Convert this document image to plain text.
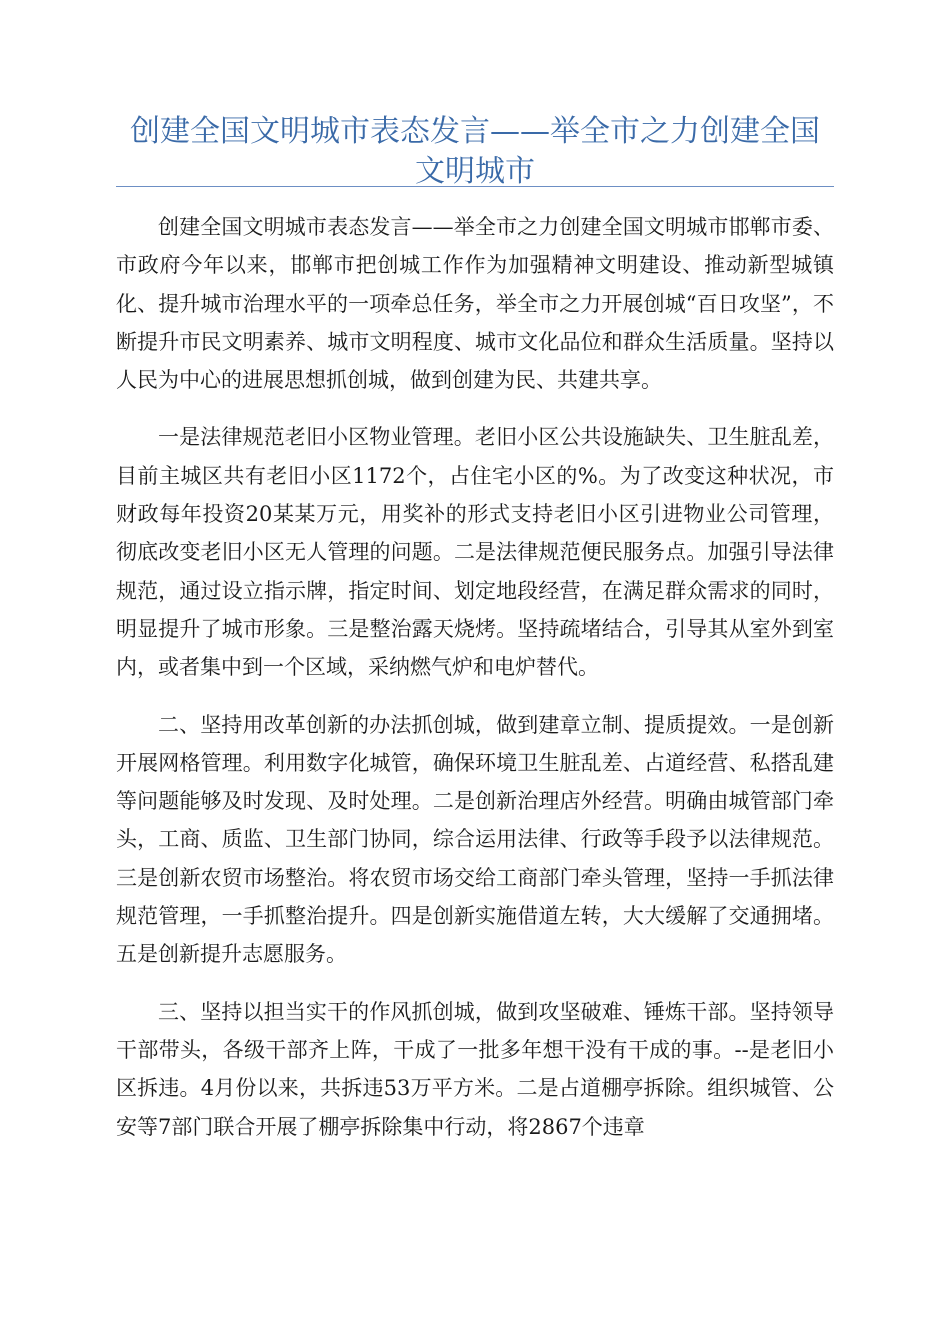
创建全国文明城市表态发言——举全市之力创建全国文明城市

创建全国文明城市表态发言——举全市之力创建全国文明城市邯郸市委、市政府今年以来，邯郸市把创城工作作为加强精神文明建设、推动新型城镇化、提升城市治理水平的一项牵总任务，举全市之力开展创城“百日攻坚”，不断提升市民文明素养、城市文明程度、城市文化品位和群众生活质量。坚持以人民为中心的进展思想抓创城，做到创建为民、共建共享。

一是法律规范老旧小区物业管理。老旧小区公共设施缺失、卫生脏乱差，目前主城区共有老旧小区1172个，占住宅小区的%。为了改变这种状况，市财政每年投资20某某万元，用奖补的形式支持老旧小区引进物业公司管理，彻底改变老旧小区无人管理的问题。二是法律规范便民服务点。加强引导法律规范，通过设立指示牌，指定时间、划定地段经营，在满足群众需求的同时，明显提升了城市形象。三是整治露天烧烤。坚持疏堵结合，引导其从室外到室内，或者集中到一个区域，采纳燃气炉和电炉替代。

二、坚持用改革创新的办法抓创城，做到建章立制、提质提效。一是创新开展网格管理。利用数字化城管，确保环境卫生脏乱差、占道经营、私搭乱建等问题能够及时发现、及时处理。二是创新治理店外经营。明确由城管部门牵头，工商、质监、卫生部门协同，综合运用法律、行政等手段予以法律规范。三是创新农贸市场整治。将农贸市场交给工商部门牵头管理，坚持一手抓法律规范管理，一手抓整治提升。四是创新实施借道左转，大大缓解了交通拥堵。五是创新提升志愿服务。

三、坚持以担当实干的作风抓创城，做到攻坚破难、锤炼干部。坚持领导干部带头，各级干部齐上阵，干成了一批多年想干没有干成的事。--是老旧小区拆违。4月份以来，共拆违53万平方米。二是占道棚亭拆除。组织城管、公安等7部门联合开展了棚亭拆除集中行动，将2867个违章
